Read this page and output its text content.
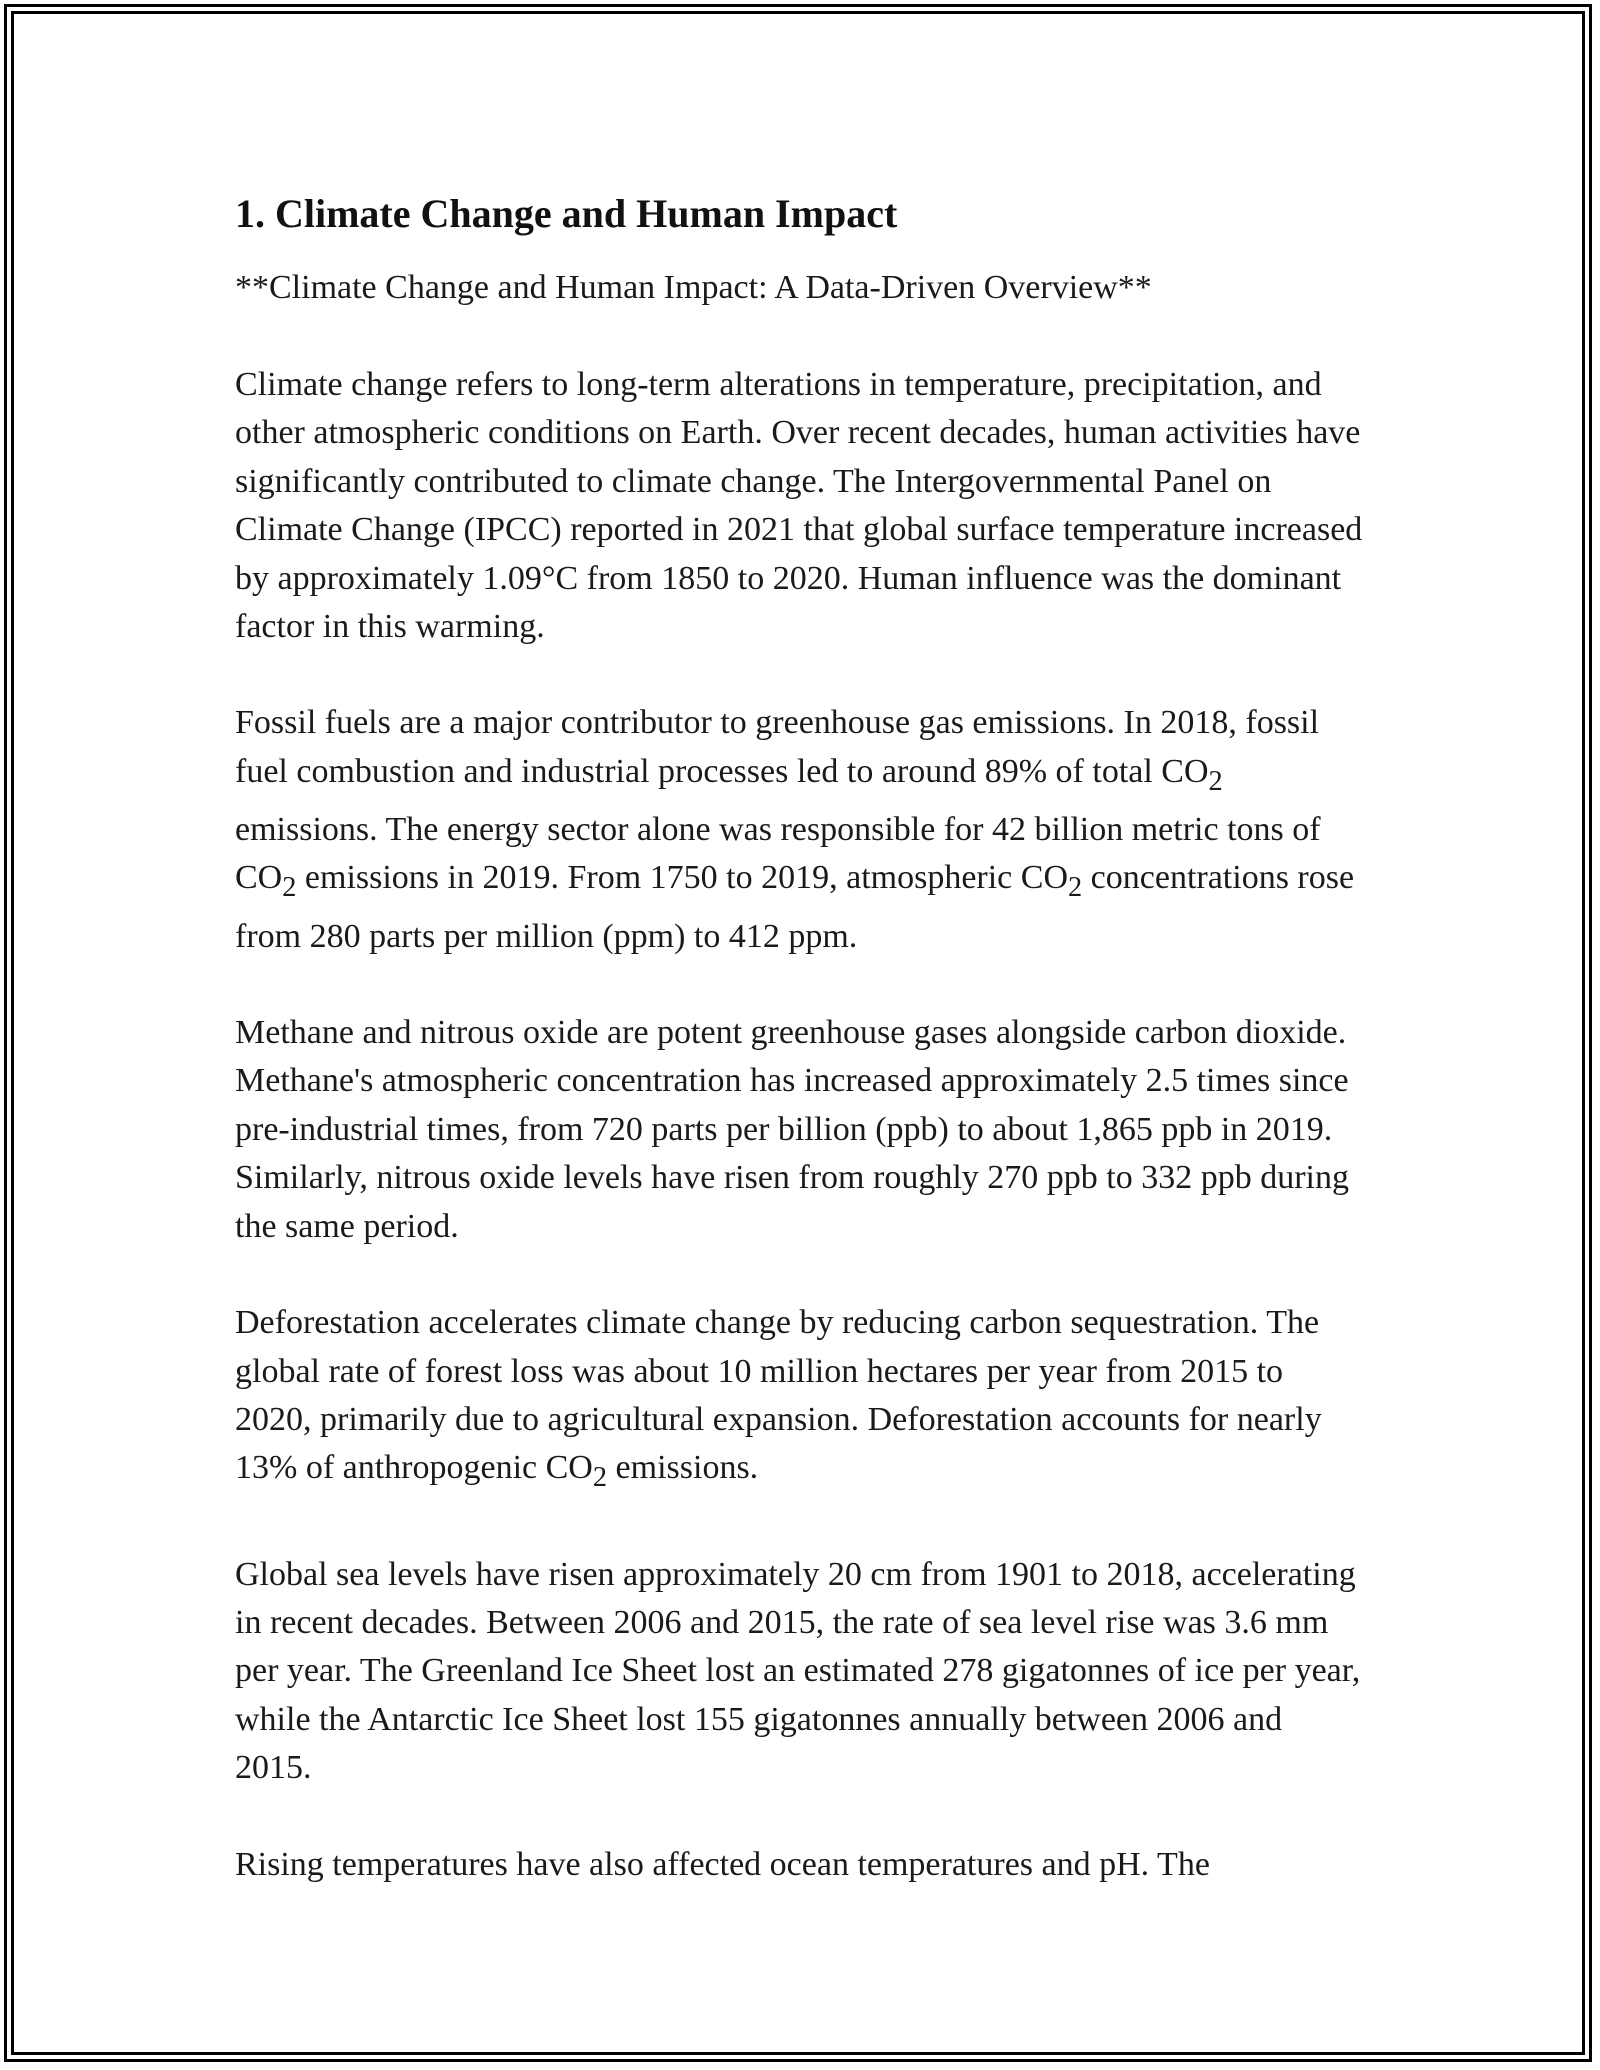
1. Climate Change and Human Impact

**Climate Change and Human Impact: A Data-Driven Overview**

Climate change refers to long-term alterations in temperature, precipitation, and other atmospheric conditions on Earth. Over recent decades, human activities have significantly contributed to climate change. The Intergovernmental Panel on Climate Change (IPCC) reported in 2021 that global surface temperature increased by approximately 1.09°C from 1850 to 2020. Human influence was the dominant factor in this warming.

Fossil fuels are a major contributor to greenhouse gas emissions. In 2018, fossil fuel combustion and industrial processes led to around 89% of total $CO_2$ emissions. The energy sector alone was responsible for 42 billion metric tons of $CO_2$ emissions in 2019. From 1750 to 2019, atmospheric $CO_2$ concentrations rose from 280 parts per million (ppm) to 412 ppm.

Methane and nitrous oxide are potent greenhouse gases alongside carbon dioxide. Methane's atmospheric concentration has increased approximately 2.5 times since pre-industrial times, from 720 parts per billion (ppb) to about 1,865 ppb in 2019. Similarly, nitrous oxide levels have risen from roughly 270 ppb to 332 ppb during the same period.

Deforestation accelerates climate change by reducing carbon sequestration. The global rate of forest loss was about 10 million hectares per year from 2015 to 2020, primarily due to agricultural expansion. Deforestation accounts for nearly 13% of anthropogenic $CO_2$ emissions.

Global sea levels have risen approximately 20 cm from 1901 to 2018, accelerating in recent decades. Between 2006 and 2015, the rate of sea level rise was 3.6 mm per year. The Greenland Ice Sheet lost an estimated 278 gigatonnes of ice per year, while the Antarctic Ice Sheet lost 155 gigatonnes annually between 2006 and 2015.

Rising temperatures have also affected ocean temperatures and pH. The
